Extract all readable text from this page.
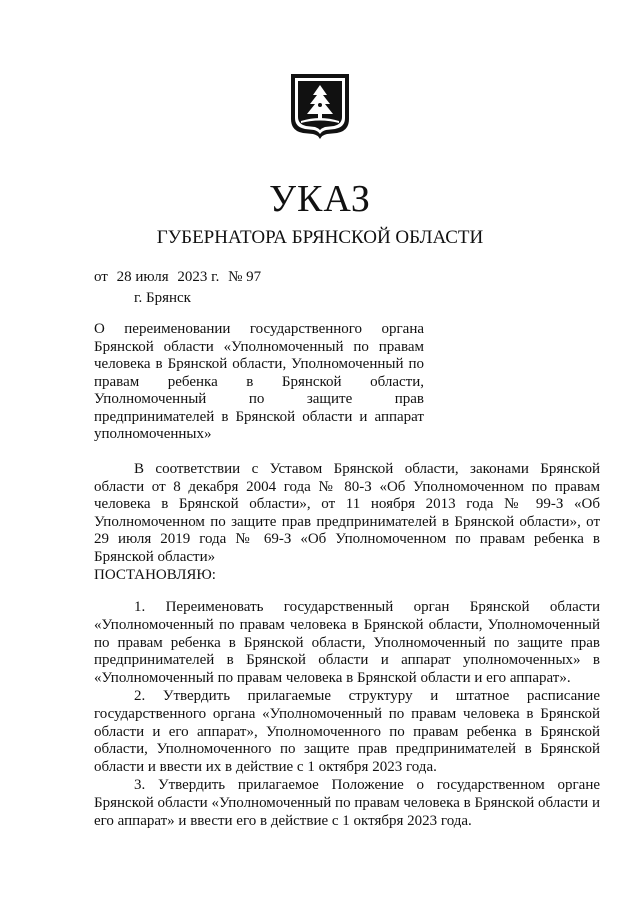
УКАЗ
ГУБЕРНАТОРА БРЯНСКОЙ ОБЛАСТИ
от 28 июля 2023 г. № 97
г. Брянск
О переименовании государственного органа Брянской области «Уполномоченный по правам человека в Брянской области, Уполномоченный по правам ребенка в Брянской области, Уполномоченный по защите прав предпринимателей в Брянской области и аппарат уполномоченных»
В соответствии с Уставом Брянской области, законами Брянской области от 8 декабря 2004 года № 80-З «Об Уполномоченном по правам человека в Брянской области», от 11 ноября 2013 года № 99-З «Об Уполномоченном по защите прав предпринимателей в Брянской области», от 29 июля 2019 года № 69-З «Об Уполномоченном по правам ребенка в Брянской области»
ПОСТАНОВЛЯЮ:

1. Переименовать государственный орган Брянской области «Уполномоченный по правам человека в Брянской области, Уполномоченный по правам ребенка в Брянской области, Уполномоченный по защите прав предпринимателей в Брянской области и аппарат уполномоченных» в «Уполномоченный по правам человека в Брянской области и его аппарат».

2. Утвердить прилагаемые структуру и штатное расписание государственного органа «Уполномоченный по правам человека в Брянской области и его аппарат», Уполномоченного по правам ребенка в Брянской области, Уполномоченного по защите прав предпринимателей в Брянской области и ввести их в действие с 1 октября 2023 года.

3. Утвердить прилагаемое Положение о государственном органе Брянской области «Уполномоченный по правам человека в Брянской области и его аппарат» и ввести его в действие с 1 октября 2023 года.
